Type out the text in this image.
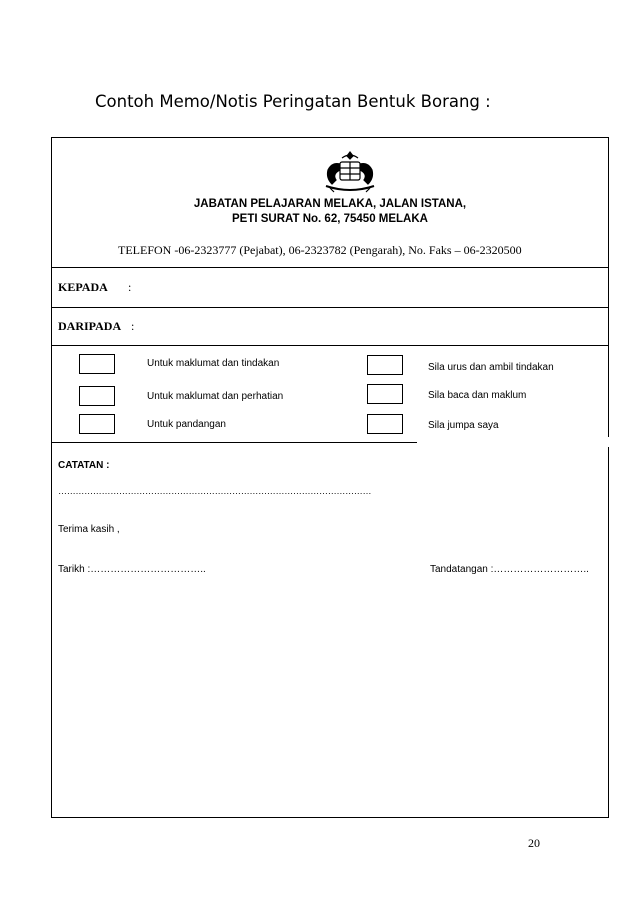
Contoh Memo/Notis Peringatan Bentuk Borang :
JABATAN PELAJARAN MELAKA, JALAN ISTANA,
PETI SURAT No. 62, 75450 MELAKA
TELEFON -06-2323777 (Pejabat), 06-2323782 (Pengarah), No. Faks – 06-2320500
KEPADA :
DARIPADA :
Untuk maklumat dan tindakan
Untuk maklumat dan perhatian
Untuk pandangan
Sila urus dan ambil tindakan
Sila baca dan maklum
Sila jumpa saya
CATATAN :
………………………………………………………………………………………………
Terima kasih ,
Tarikh :……………………………..	Tandatangan :………………………..
20
